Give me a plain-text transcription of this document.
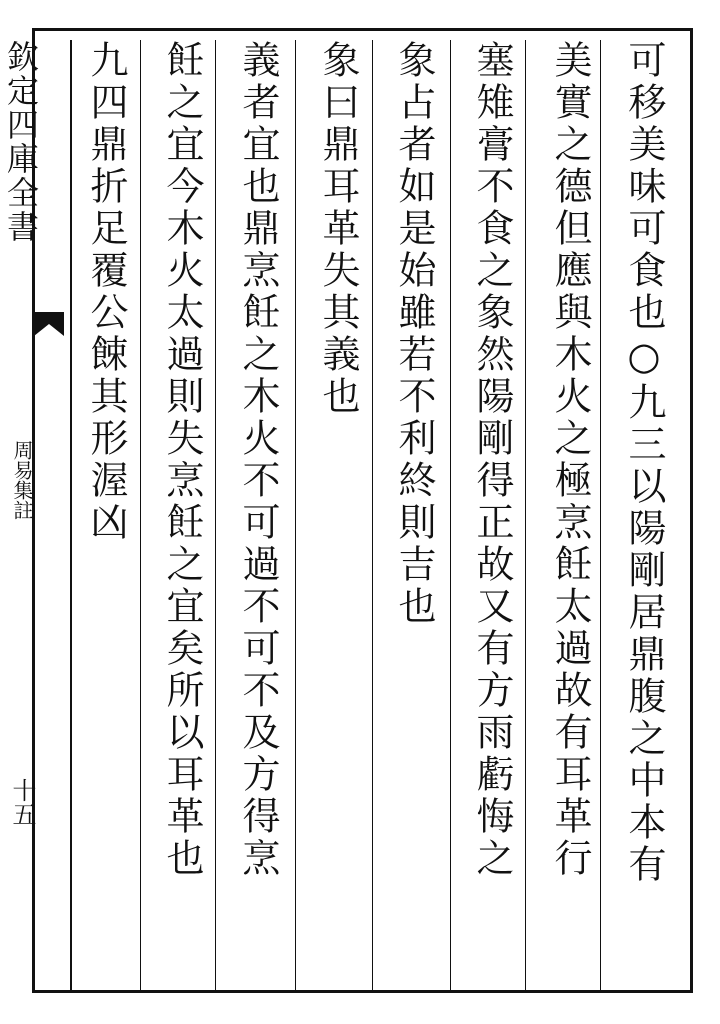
欽定四庫全書
周易集註
十五	可移美味可食也○九三以陽剛居鼎腹之中本有
美實之德但應與木火之極烹飪太過故有耳革行
塞雉膏不食之象然陽剛得正故又有方雨虧悔之
象占者如是始雖若不利終則吉也
象曰鼎耳革失其義也
義者宜也鼎烹飪之木火不可過不可不及方得烹
飪之宜今木火太過則失烹飪之宜矣所以耳革也
九四鼎折足覆公餗其形渥凶
